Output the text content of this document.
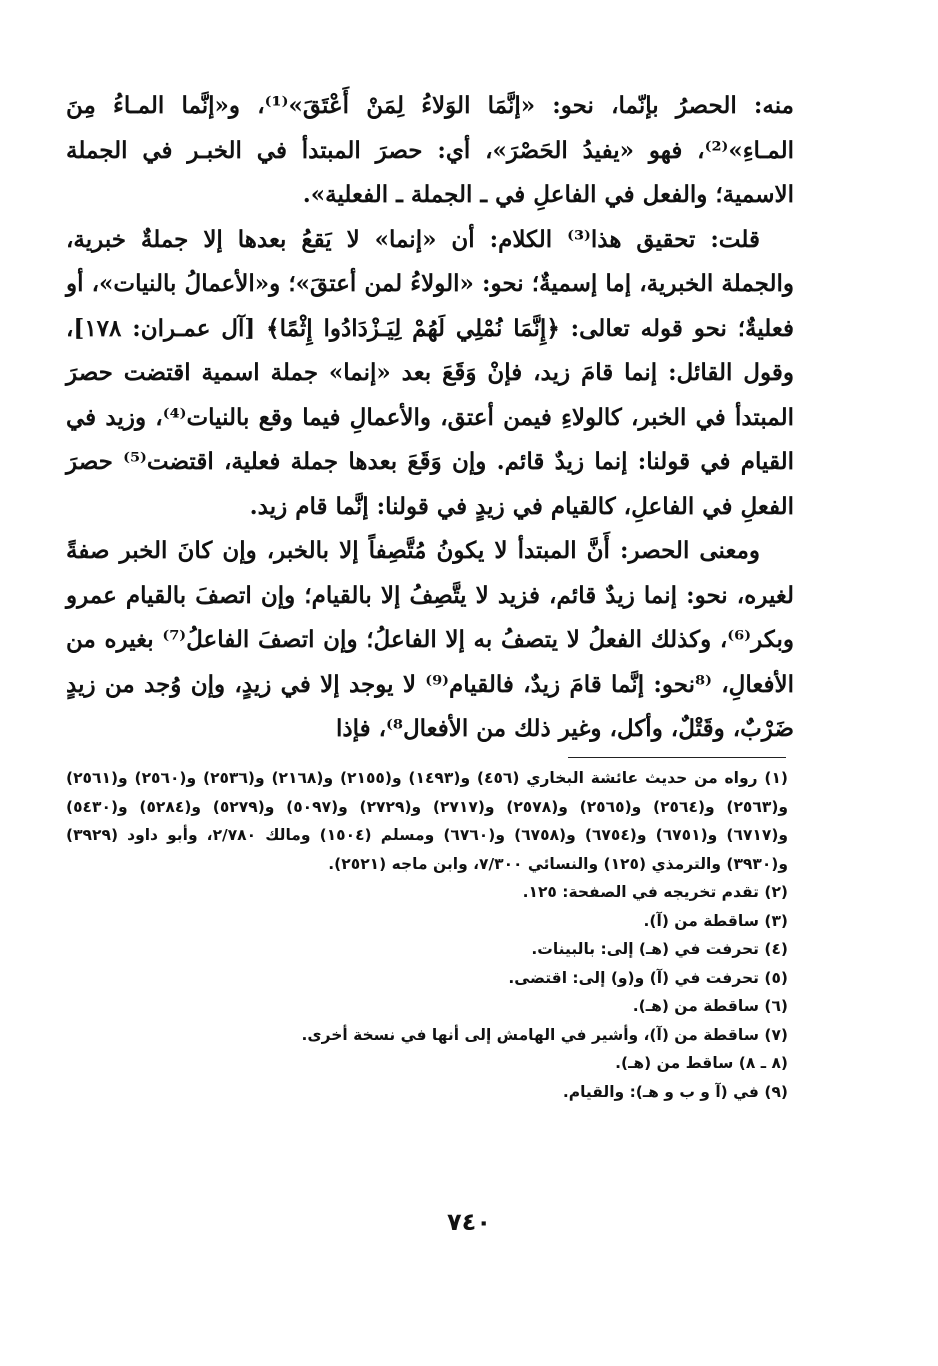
منه: الحصرُ بإنّما، نحو: «إنَّمَا الوَلاءُ لِمَنْ أَعْتَقَ»⁽¹⁾، و«إنَّما المـاءُ مِنَ المـاءِ»⁽²⁾، فهو «يفيدُ الحَصْرَ»، أي: حصرَ المبتدأ في الخبـر في الجملة الاسمية؛ والفعل في الفاعلِ في ـ الجملة ـ الفعلية».

قلت: تحقيق هذا⁽³⁾ الكلام: أن «إنما» لا يَقعُ بعدها إلا جملةٌ خبرية، والجملة الخبرية، إما إسميةٌ؛ نحو: «الولاءُ لمن أعتقَ»؛ و«الأعمالُ بالنيات»، أو فعليةٌ؛ نحو قوله تعالى: ﴿إِنَّمَا نُمْلِي لَهُمْ لِيَـزْدَادُوا إِثْمًا﴾ [آل عمـران: ١٧٨]، وقول القائل: إنما قامَ زيد، فإنْ وَقَعَ بعد «إنما» جملة اسمية اقتضت حصرَ المبتدأ في الخبر، كالولاءِ فيمن أعتق، والأعمالِ فيما وقع بالنيات⁽⁴⁾، وزيد في القيام في قولنا: إنما زيدٌ قائم. وإن وَقَعَ بعدها جملة فعلية، اقتضت⁽⁵⁾ حصرَ الفعلِ في الفاعلِ، كالقيام في زيدٍ في قولنا: إنَّما قام زيد.

ومعنى الحصر: أَنَّ المبتدأ لا يكونُ مُتَّصِفاً إلا بالخبر، وإن كانَ الخبر صفةً لغيره، نحو: إنما زيدٌ قائم، فزيد لا يتَّصِفُ إلا بالقيام؛ وإن اتصفَ بالقيام عمرو وبكر⁽⁶⁾، وكذلك الفعلُ لا يتصفُ به إلا الفاعلُ؛ وإن اتصفَ الفاعلُ⁽⁷⁾ بغيره من الأفعالِ، ⁽⁸نحو: إنَّما قامَ زيدٌ، فالقيام⁽⁹⁾ لا يوجد إلا في زيدٍ، وإن وُجد من زيدٍ ضَرْبٌ، وقَتْلٌ، وأكل، وغير ذلك من الأفعال⁸⁾، فإذا

(١) رواه من حديث عائشة البخاري (٤٥٦) و(١٤٩٣) و(٢١٥٥) و(٢١٦٨) و(٢٥٣٦) و(٢٥٦٠) و(٢٥٦١) و(٢٥٦٣) و(٢٥٦٤) و(٢٥٦٥) و(٢٥٧٨) و(٢٧١٧) و(٢٧٢٩) و(٥٠٩٧) و(٥٢٧٩) و(٥٢٨٤) و(٥٤٣٠) و(٦٧١٧) و(٦٧٥١) و(٦٧٥٤) و(٦٧٥٨) و(٦٧٦٠) ومسلم (١٥٠٤) ومالك ٢/٧٨٠، وأبو داود (٣٩٢٩) و(٣٩٣٠) والترمذي (١٢٥) والنسائي ٧/٣٠٠، وابن ماجه (٢٥٢١).

(٢) تقدم تخريجه في الصفحة: ١٢٥.

(٣) ساقطة من (آ).

(٤) تحرفت في (هـ) إلى: بالبينات.

(٥) تحرفت في (آ) و(و) إلى: اقتضى.

(٦) ساقطة من (هـ).

(٧) ساقطة من (آ)، وأشير في الهامش إلى أنها في نسخة أخرى.

(٨ ـ ٨) ساقط من (هـ).

(٩) في (آ و ب و هـ): والقيام.

٧٤٠
